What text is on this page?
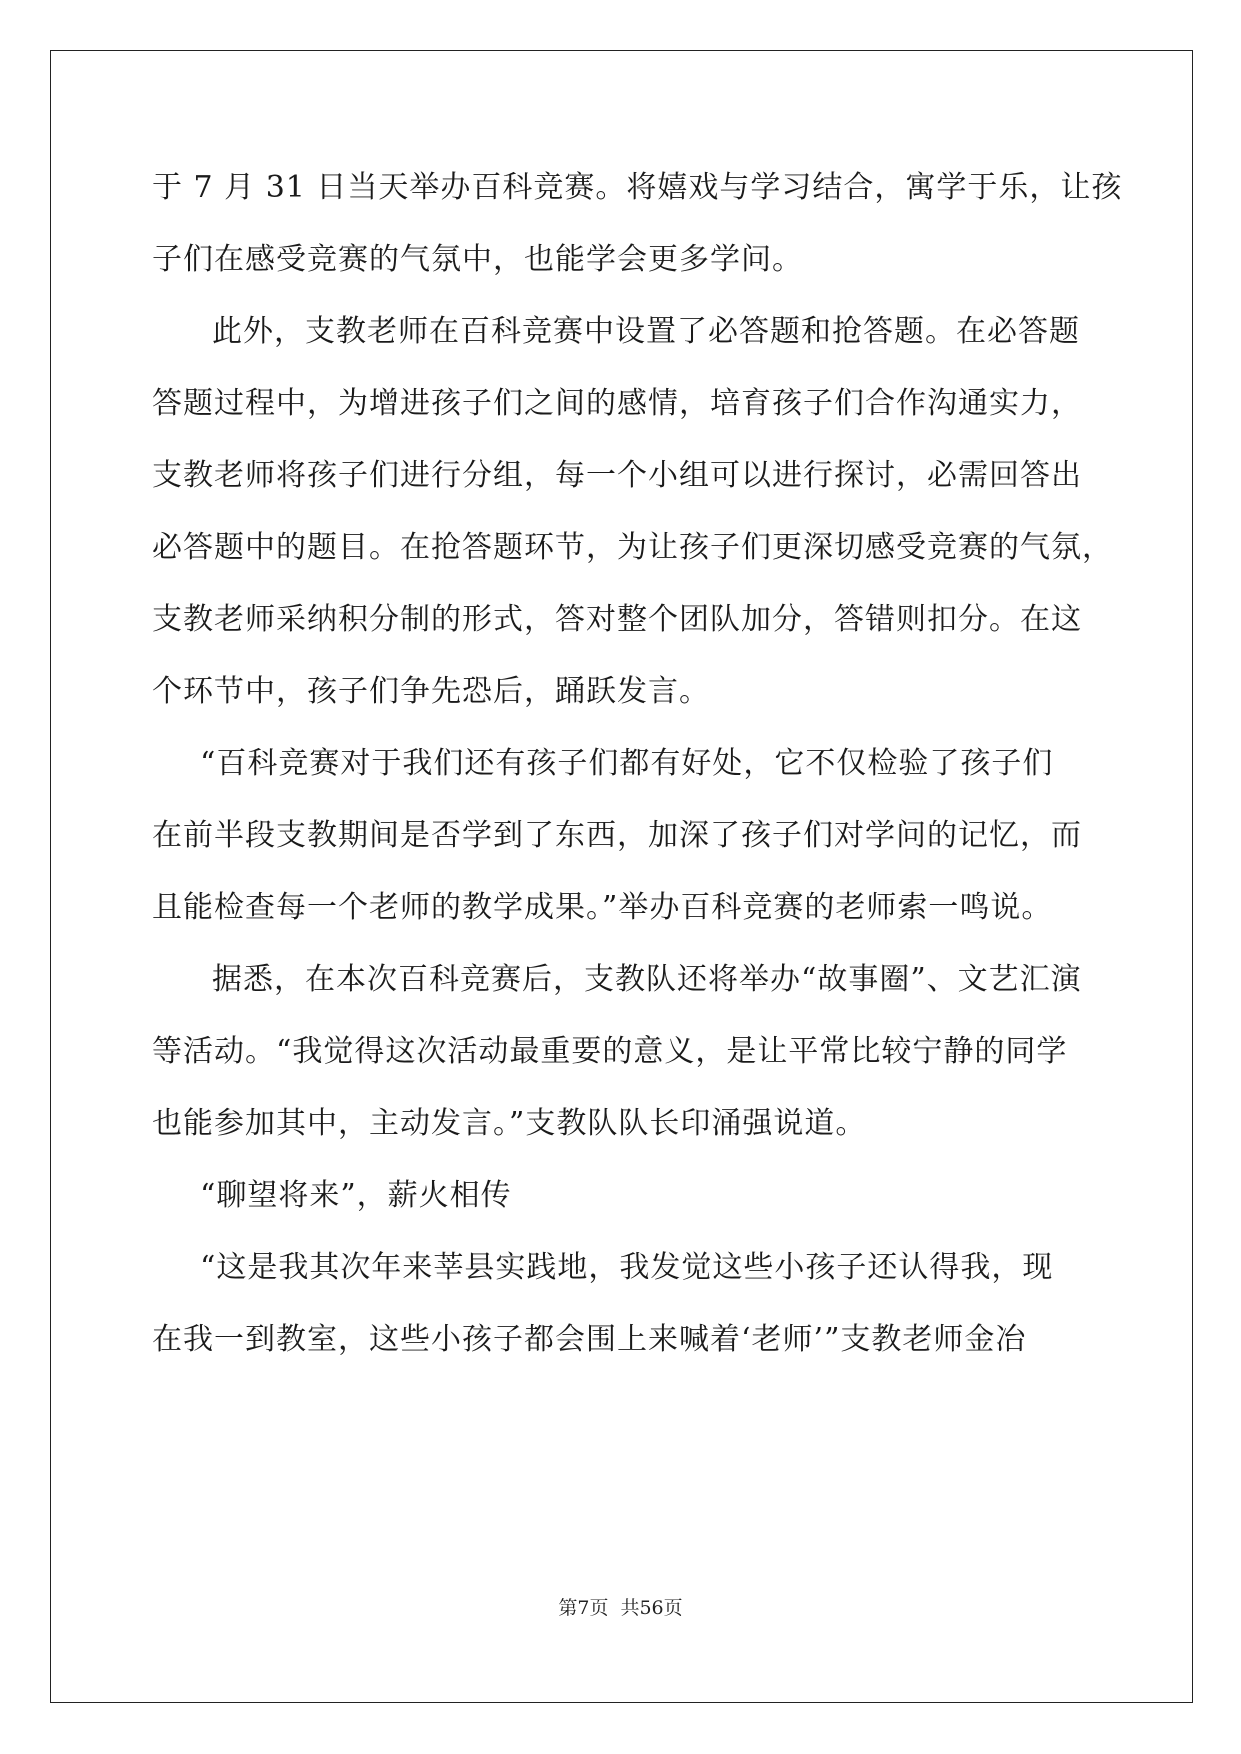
于 7 月 31 日当天举办百科竞赛。将嬉戏与学习结合，寓学于乐，让孩
子们在感受竞赛的气氛中，也能学会更多学问。
此外，支教老师在百科竞赛中设置了必答题和抢答题。在必答题
答题过程中，为增进孩子们之间的感情，培育孩子们合作沟通实力，
支教老师将孩子们进行分组，每一个小组可以进行探讨，必需回答出
必答题中的题目。在抢答题环节，为让孩子们更深切感受竞赛的气氛，
支教老师采纳积分制的形式，答对整个团队加分，答错则扣分。在这
个环节中，孩子们争先恐后，踊跃发言。
“百科竞赛对于我们还有孩子们都有好处，它不仅检验了孩子们
在前半段支教期间是否学到了东西，加深了孩子们对学问的记忆，而
且能检查每一个老师的教学成果。”举办百科竞赛的老师索一鸣说。
据悉，在本次百科竞赛后，支教队还将举办“故事圈”、文艺汇演
等活动。“我觉得这次活动最重要的意义，是让平常比较宁静的同学
也能参加其中，主动发言。”支教队队长印涌强说道。
“聊望将来”，薪火相传
“这是我其次年来莘县实践地，我发觉这些小孩子还认得我，现
在我一到教室，这些小孩子都会围上来喊着‘老师’”支教老师金冶
第7页 共56页
